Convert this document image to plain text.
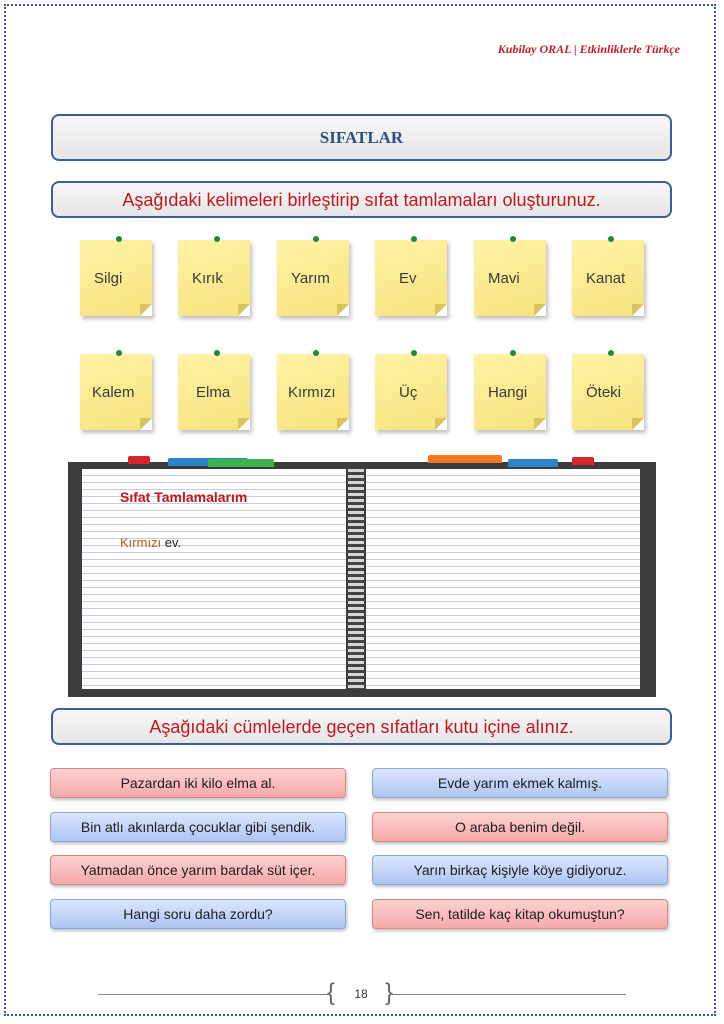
Kubilay ORAL | Etkinliklerle Türkçe
SIFATLAR
Aşağıdaki kelimeleri birleştirip sıfat tamlamaları oluşturunuz.
Silgi	Kırık	Yarım	Ev	Mavi	Kanat
Kalem	Elma	Kırmızı	Üç	Hangi	Öteki
Sıfat Tamlamalarım
Kırmızı ev.
Aşağıdaki cümlelerde geçen sıfatları kutu içine alınız.
Pazardan iki kilo elma al.
Bin atlı akınlarda çocuklar gibi şendik.
Yatmadan önce yarım bardak süt içer.
Hangi soru daha zordu?
Evde yarım ekmek kalmış.
O araba benim değil.
Yarın birkaç kişiyle köye gidiyoruz.
Sen, tatilde kaç kitap okumuştun?
{ }
18
